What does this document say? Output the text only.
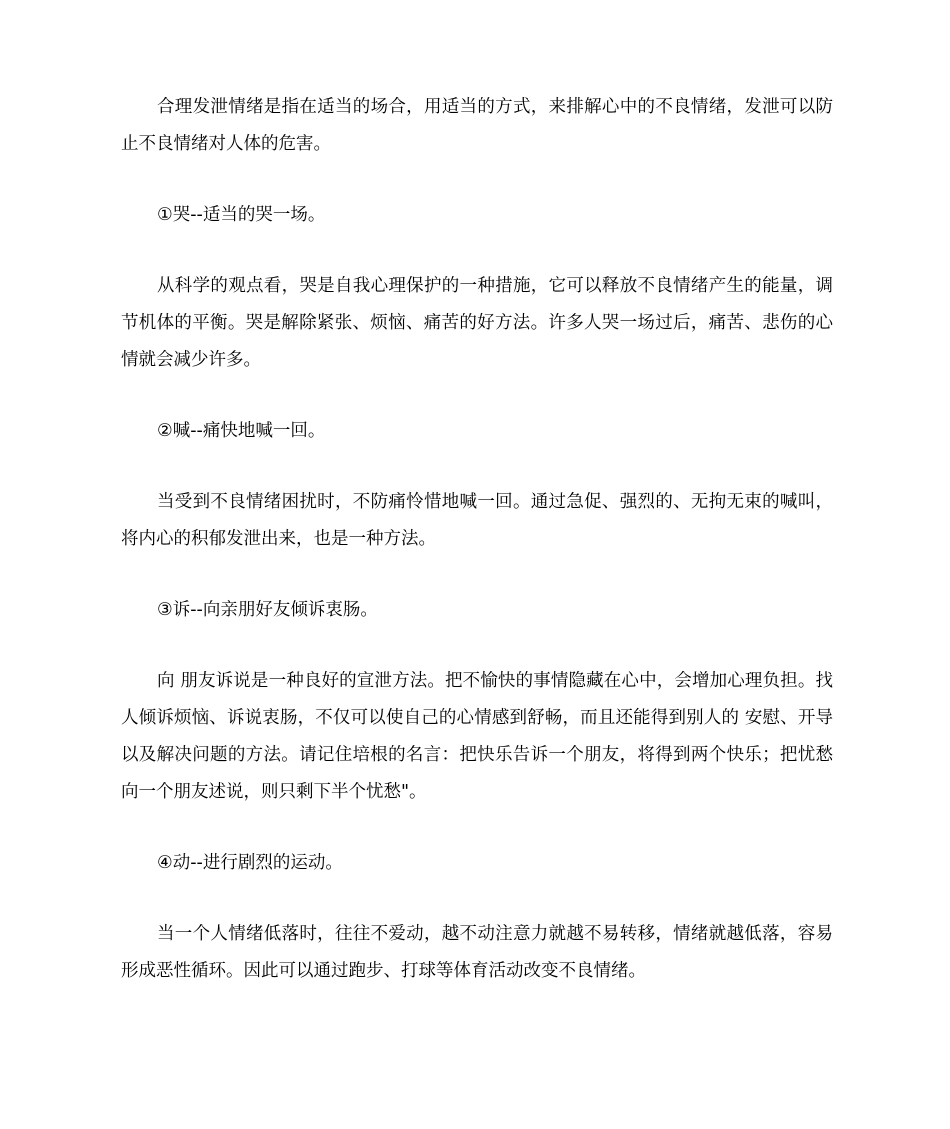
合理发泄情绪是指在适当的场合，用适当的方式，来排解心中的不良情绪，发泄可以防止不良情绪对人体的危害。

①哭--适当的哭一场。

从科学的观点看，哭是自我心理保护的一种措施，它可以释放不良情绪产生的能量，调节机体的平衡。哭是解除紧张、烦恼、痛苦的好方法。许多人哭一场过后，痛苦、悲伤的心情就会减少许多。

②喊--痛快地喊一回。

当受到不良情绪困扰时，不防痛怜惜地喊一回。通过急促、强烈的、无拘无束的喊叫，将内心的积郁发泄出来，也是一种方法。

③诉--向亲朋好友倾诉衷肠。

向 朋友诉说是一种良好的宣泄方法。把不愉快的事情隐藏在心中，会增加心理负担。找人倾诉烦恼、诉说衷肠，不仅可以使自己的心情感到舒畅，而且还能得到别人的 安慰、开导以及解决问题的方法。请记住培根的名言：把快乐告诉一个朋友，将得到两个快乐；把忧愁向一个朋友述说，则只剩下半个忧愁"。

④动--进行剧烈的运动。

当一个人情绪低落时，往往不爱动，越不动注意力就越不易转移，情绪就越低落，容易形成恶性循环。因此可以通过跑步、打球等体育活动改变不良情绪。
